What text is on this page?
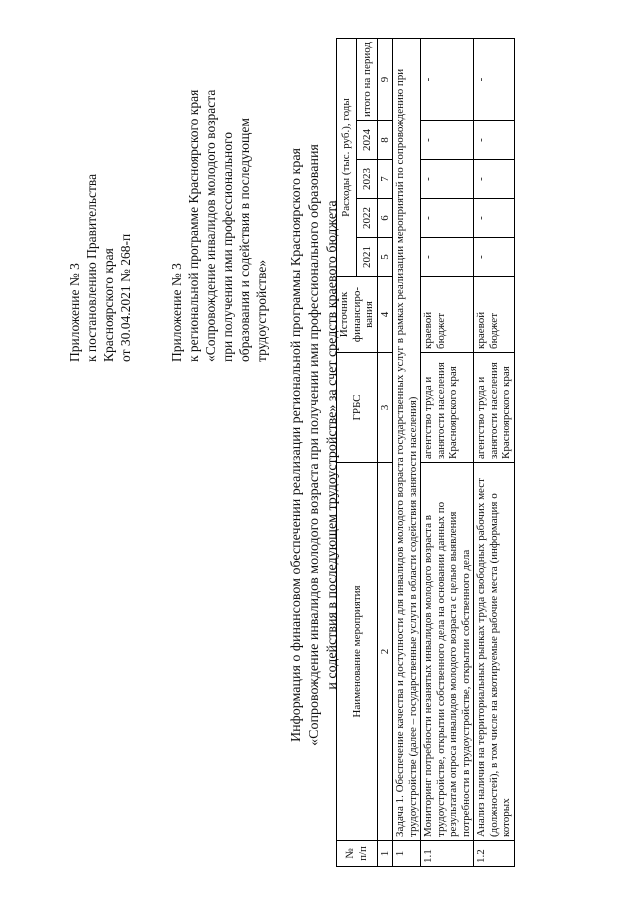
Приложение № 3 к постановлению Правительства Красноярского края от 30.04.2021 № 268-п	Приложение № 3 к региональной программе Красноярского края «Сопровождение инвалидов молодого возраста при получении ими профессионального образования и содействия в последующем трудоустройстве» Информация о финансовом обеспечении реализации региональной программы Красноярского края «Сопровождение инвалидов молодого возраста при получении ими профессионального образования и содействия в последующем трудоустройстве» за счет средств краевого бюджета
№ п/п	Наименование мероприятия	ГРБС	Источник финансиро-вания	Расходы (тыс. руб.), годы				
				2021	2022	2023	2024	итого на период
1	2	3	4	5	6	7	8	9
1	Задача 1. Обеспечение качества и доступности для инвалидов молодого возраста государственных услуг в рамках реализации мероприятий по сопровождению при трудоустройстве (далее – государственные услуги в области содействия занятости населения)							
1.1	Мониторинг потребности незанятых инвалидов молодого возраста в трудоустройстве, открытии собственного дела на основании данных по результатам опроса инвалидов молодого возраста с целью выявления потребности в трудоустройстве, открытии собственного дела	агентство труда и занятости населения Красноярского края	краевой бюджет	-	-	-	-	-
1.2	Анализ наличия на территориальных рынках труда свободных рабочих мест (должностей), в том числе на квотируемые рабочие места (информация о которых	агентство труда и занятости населения Красноярского края	краевой бюджет	-	-	-	-	-
